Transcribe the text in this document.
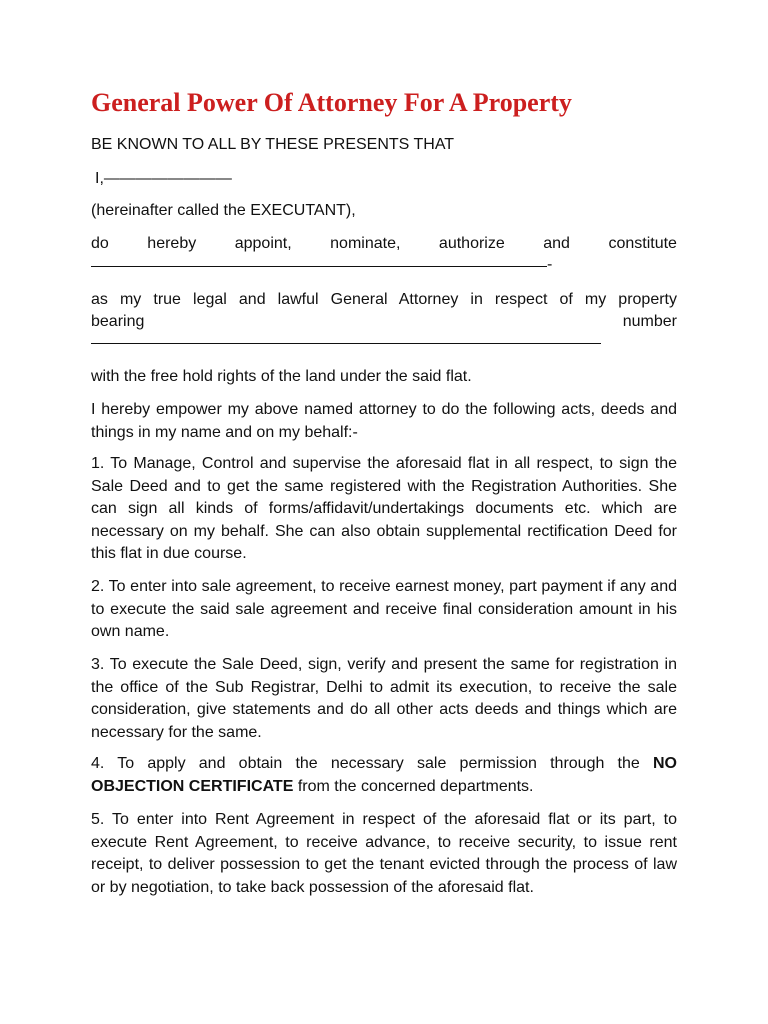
General Power Of Attorney For A Property

BE KNOWN TO ALL BY THESE PRESENTS THAT

I,————————

(hereinafter called the EXECUTANT),

do hereby appoint, nominate, authorize and constitute
-

as my true legal and lawful General Attorney in respect of my property

bearing	number

with the free hold rights of the land under the said flat.

I hereby empower my above named attorney to do the following acts, deeds and things in my name and on my behalf:-

1. To Manage, Control and supervise the aforesaid flat in all respect, to sign the Sale Deed and to get the same registered with the Registration Authorities. She can sign all kinds of forms/affidavit/undertakings documents etc. which are necessary on my behalf. She can also obtain supplemental rectification Deed for this flat in due course.

2. To enter into sale agreement, to receive earnest money, part payment if any and to execute the said sale agreement and receive final consideration amount in his own name.

3. To execute the Sale Deed, sign, verify and present the same for registration in the office of the Sub Registrar, Delhi to admit its execution, to receive the sale consideration, give statements and do all other acts deeds and things which are necessary for the same.

4. To apply and obtain the necessary sale permission through the NO OBJECTION CERTIFICATE from the concerned departments.

5. To enter into Rent Agreement in respect of the aforesaid flat or its part, to execute Rent Agreement, to receive advance, to receive security, to issue rent receipt, to deliver possession to get the tenant evicted through the process of law or by negotiation, to take back possession of the aforesaid flat.
